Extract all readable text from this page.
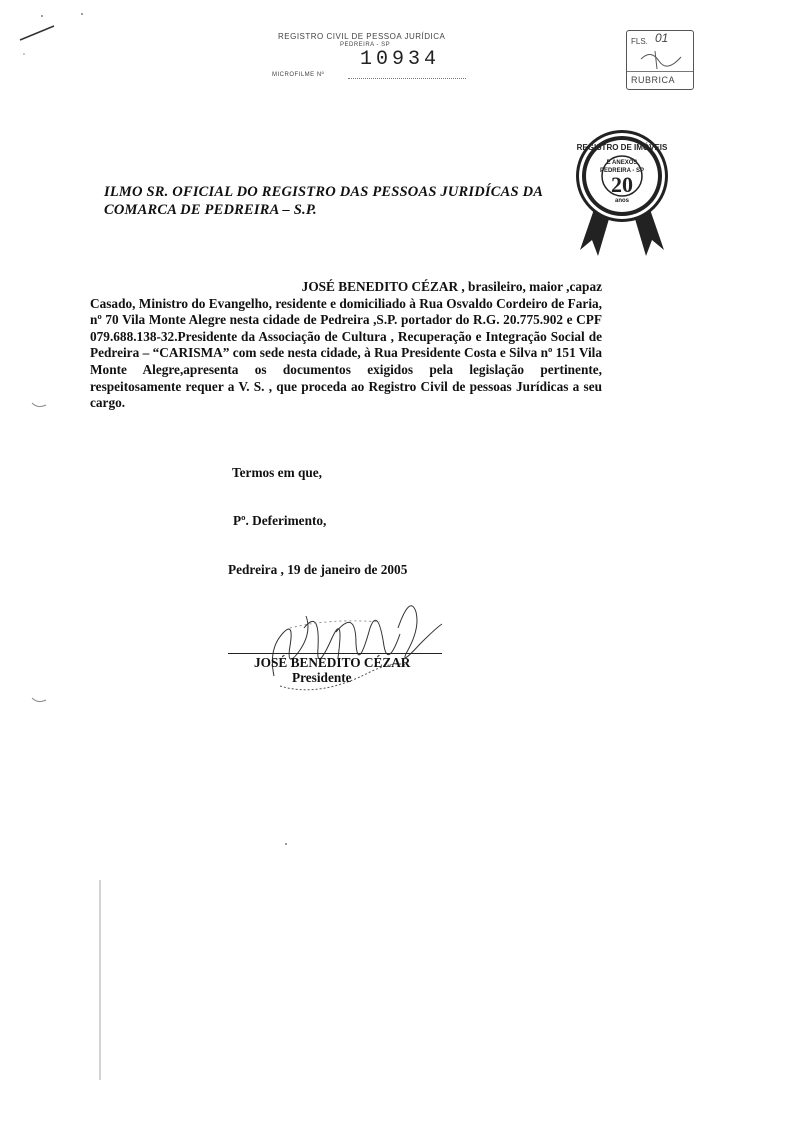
REGISTRO CIVIL DE PESSOA JURÍDICA
PEDREIRA - SP
10934
MICROFILME Nº
FLS. 01
RUBRICA
REGISTRO DE IMÓVEIS
E ANEXOS
PEDREIRA - SP
20
anos
ILMO SR. OFICIAL DO REGISTRO DAS PESSOAS JURIDÍCAS DA COMARCA DE PEDREIRA – S.P.
JOSÉ BENEDITO CÉZAR , brasileiro, maior ,capaz
Casado, Ministro do Evangelho, residente e domiciliado à Rua Osvaldo Cordeiro de Faria, nº 70 Vila Monte Alegre nesta cidade de Pedreira ,S.P. portador do R.G. 20.775.902 e CPF 079.688.138-32.Presidente da Associação de Cultura , Recuperação e Integração Social de Pedreira – “CARISMA” com sede nesta cidade, à Rua Presidente Costa e Silva nº 151 Vila Monte Alegre,apresenta os documentos exigidos pela legislação pertinente, respeitosamente requer a V. S. , que proceda ao Registro Civil de pessoas Jurídicas a seu cargo.
Termos em que,
Pº. Deferimento,
Pedreira , 19 de janeiro de 2005
JOSÉ BENEDITO CÉZAR
Presidente
